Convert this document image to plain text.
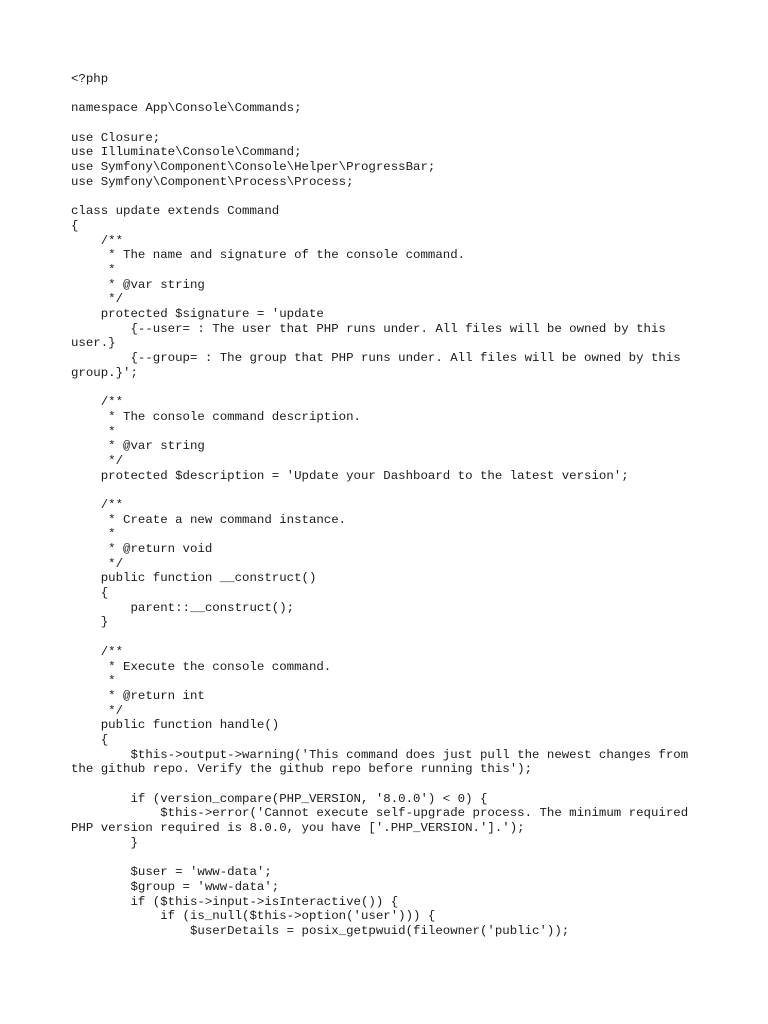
<?php
namespace App\Console\Commands;
use Closure;
use Illuminate\Console\Command;
use Symfony\Component\Console\Helper\ProgressBar;
use Symfony\Component\Process\Process;
class update extends Command
{
/**
* The name and signature of the console command.
*
* @var string
*/
protected $signature = 'update
{--user= : The user that PHP runs under. All files will be owned by this
user.}
{--group= : The group that PHP runs under. All files will be owned by this
group.}';
/**
* The console command description.
*
* @var string
*/
protected $description = 'Update your Dashboard to the latest version';
/**
* Create a new command instance.
*
* @return void
*/
public function __construct()
{
parent::__construct();
}
/**
* Execute the console command.
*
* @return int
*/
public function handle()
{
$this->output->warning('This command does just pull the newest changes from
the github repo. Verify the github repo before running this');
if (version_compare(PHP_VERSION, '8.0.0') < 0) {
$this->error('Cannot execute self-upgrade process. The minimum required
PHP version required is 8.0.0, you have ['.PHP_VERSION.'].');
}
$user = 'www-data';
$group = 'www-data';
if ($this->input->isInteractive()) {
if (is_null($this->option('user'))) {
$userDetails = posix_getpwuid(fileowner('public'));
